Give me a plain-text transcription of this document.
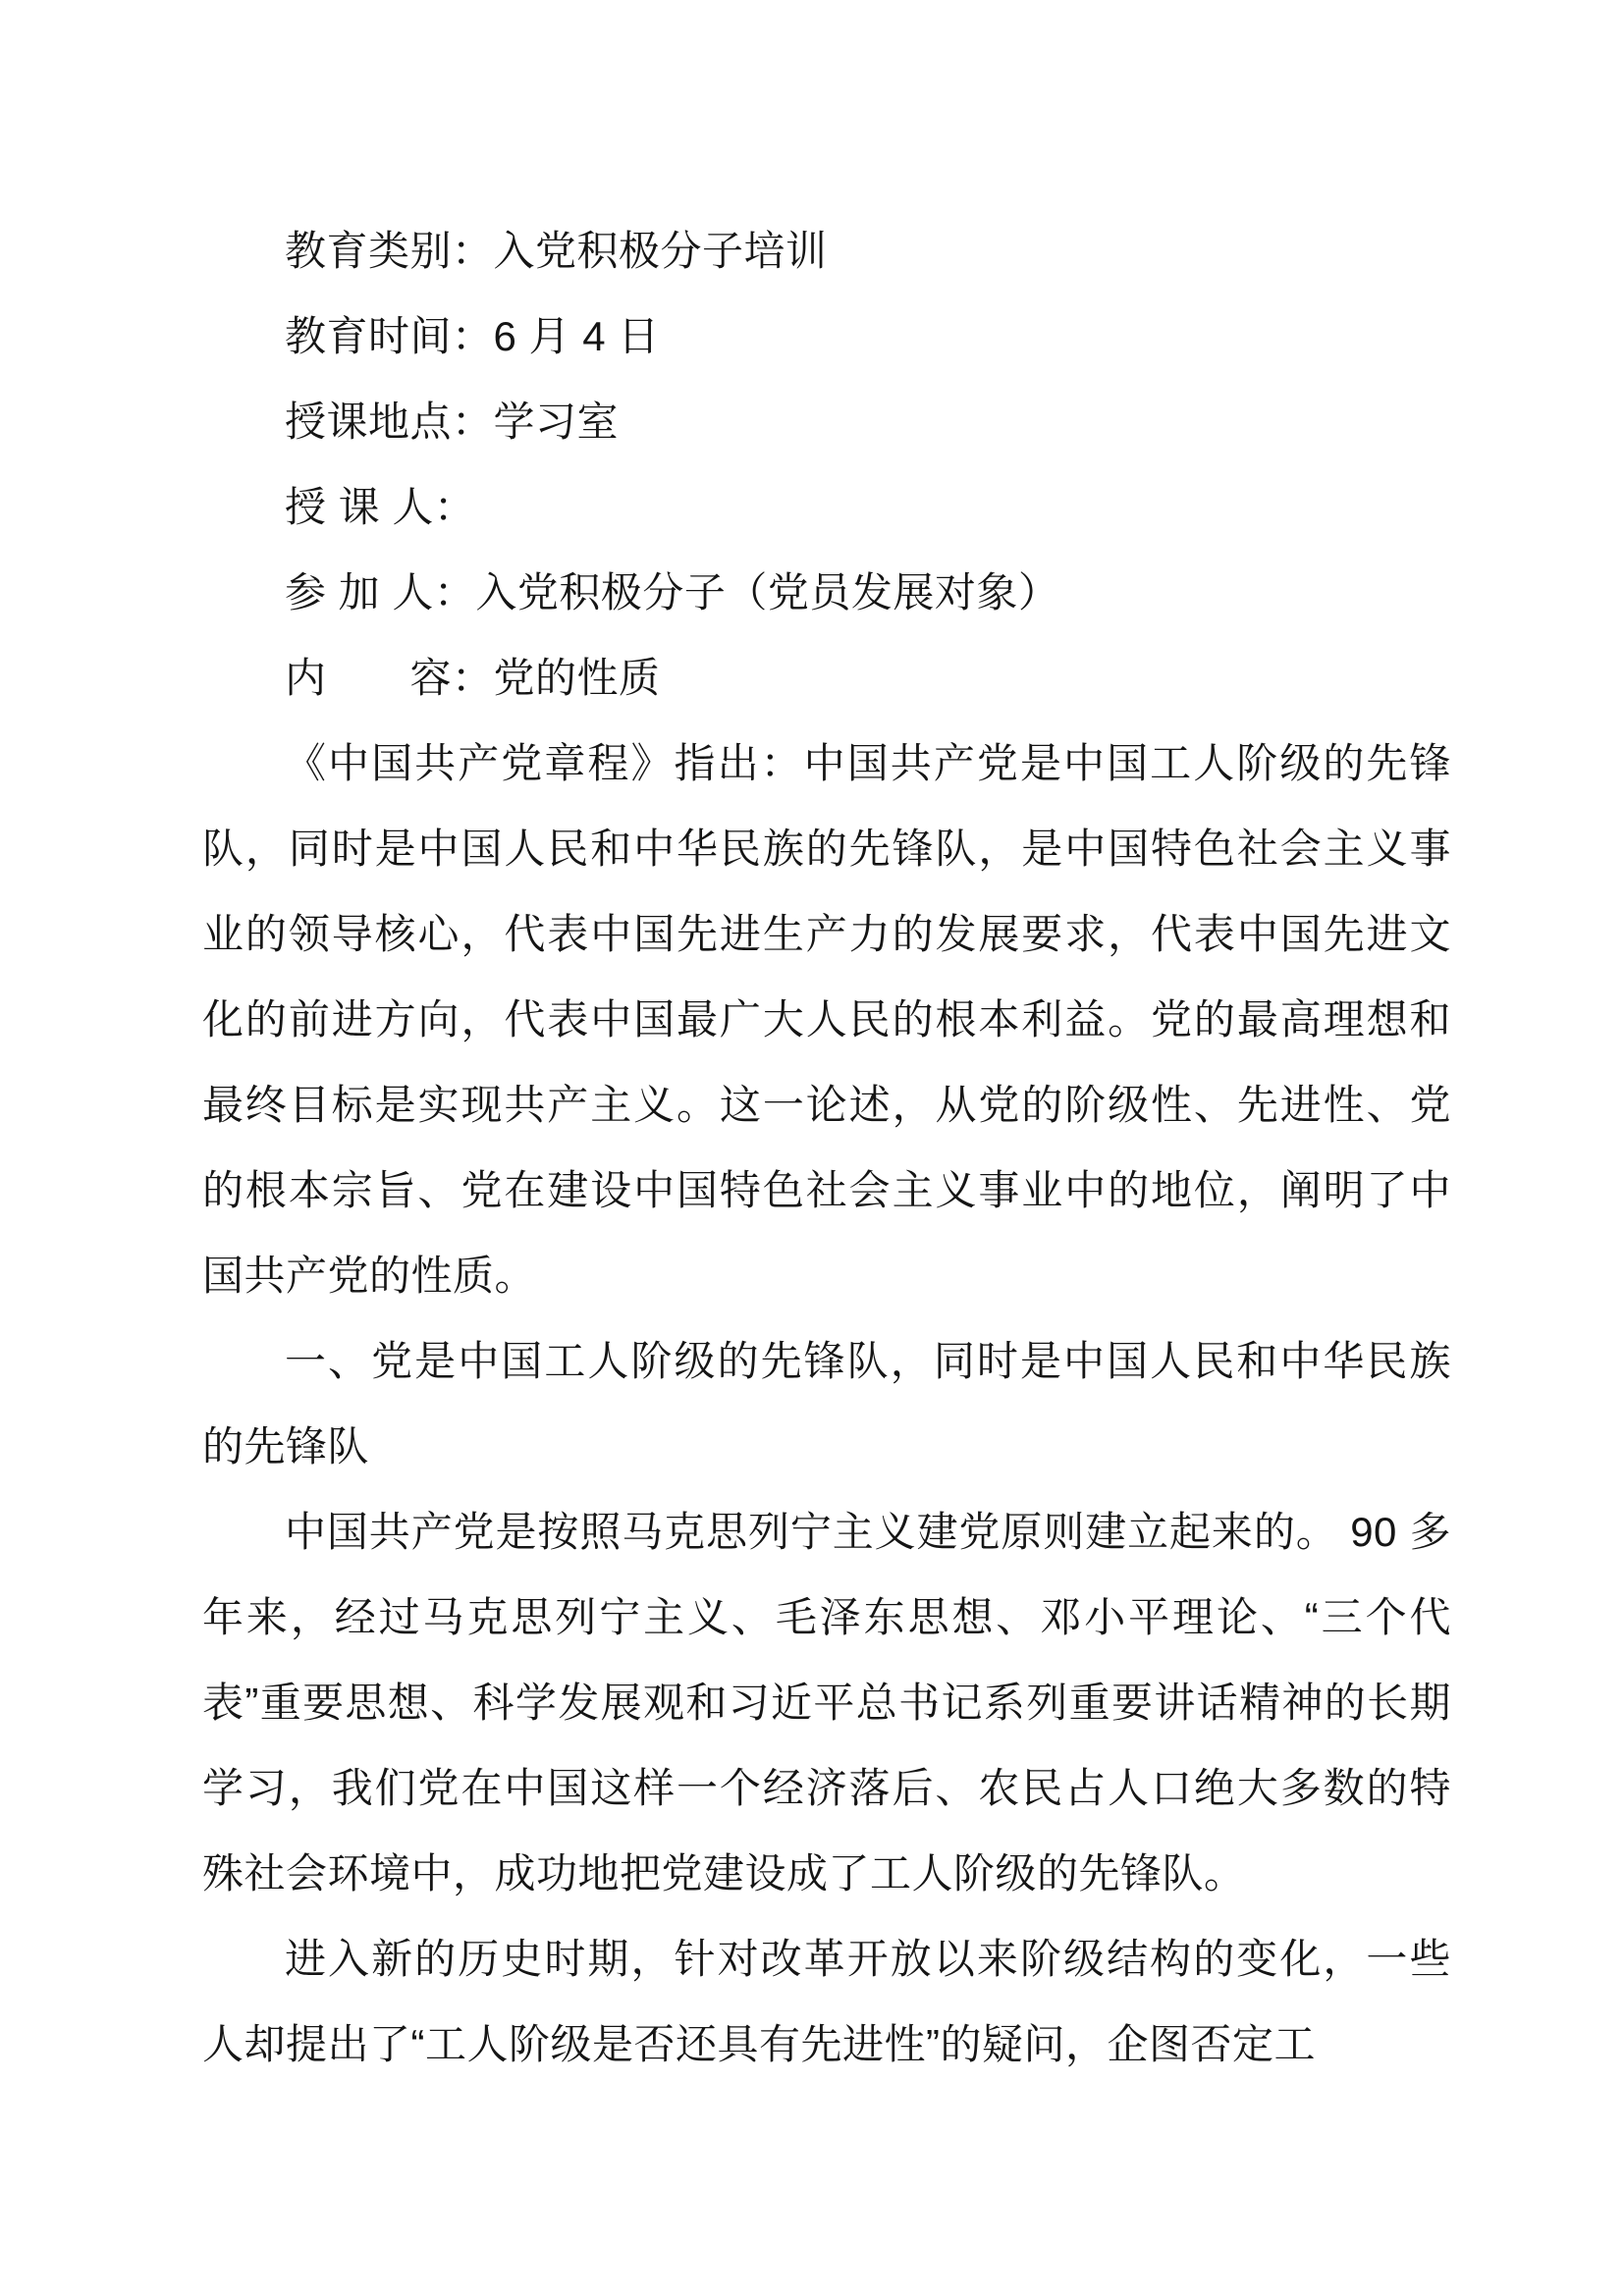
教育类别：入党积极分子培训

教育时间：6 月 4 日

授课地点：学习室

授 课 人：

参 加 人：入党积极分子（党员发展对象）

内　　容：党的性质

《中国共产党章程》指出：中国共产党是中国工人阶级的先锋队，同时是中国人民和中华民族的先锋队，是中国特色社会主义事业的领导核心，代表中国先进生产力的发展要求，代表中国先进文化的前进方向，代表中国最广大人民的根本利益。党的最高理想和最终目标是实现共产主义。这一论述，从党的阶级性、先进性、党的根本宗旨、党在建设中国特色社会主义事业中的地位，阐明了中国共产党的性质。

一、党是中国工人阶级的先锋队，同时是中国人民和中华民族的先锋队

中国共产党是按照马克思列宁主义建党原则建立起来的。 90 多年来，经过马克思列宁主义、毛泽东思想、邓小平理论、“三个代表”重要思想、科学发展观和习近平总书记系列重要讲话精神的长期学习，我们党在中国这样一个经济落后、农民占人口绝大多数的特殊社会环境中，成功地把党建设成了工人阶级的先锋队。

进入新的历史时期，针对改革开放以来阶级结构的变化，一些人却提出了“工人阶级是否还具有先进性”的疑问，企图否定工
